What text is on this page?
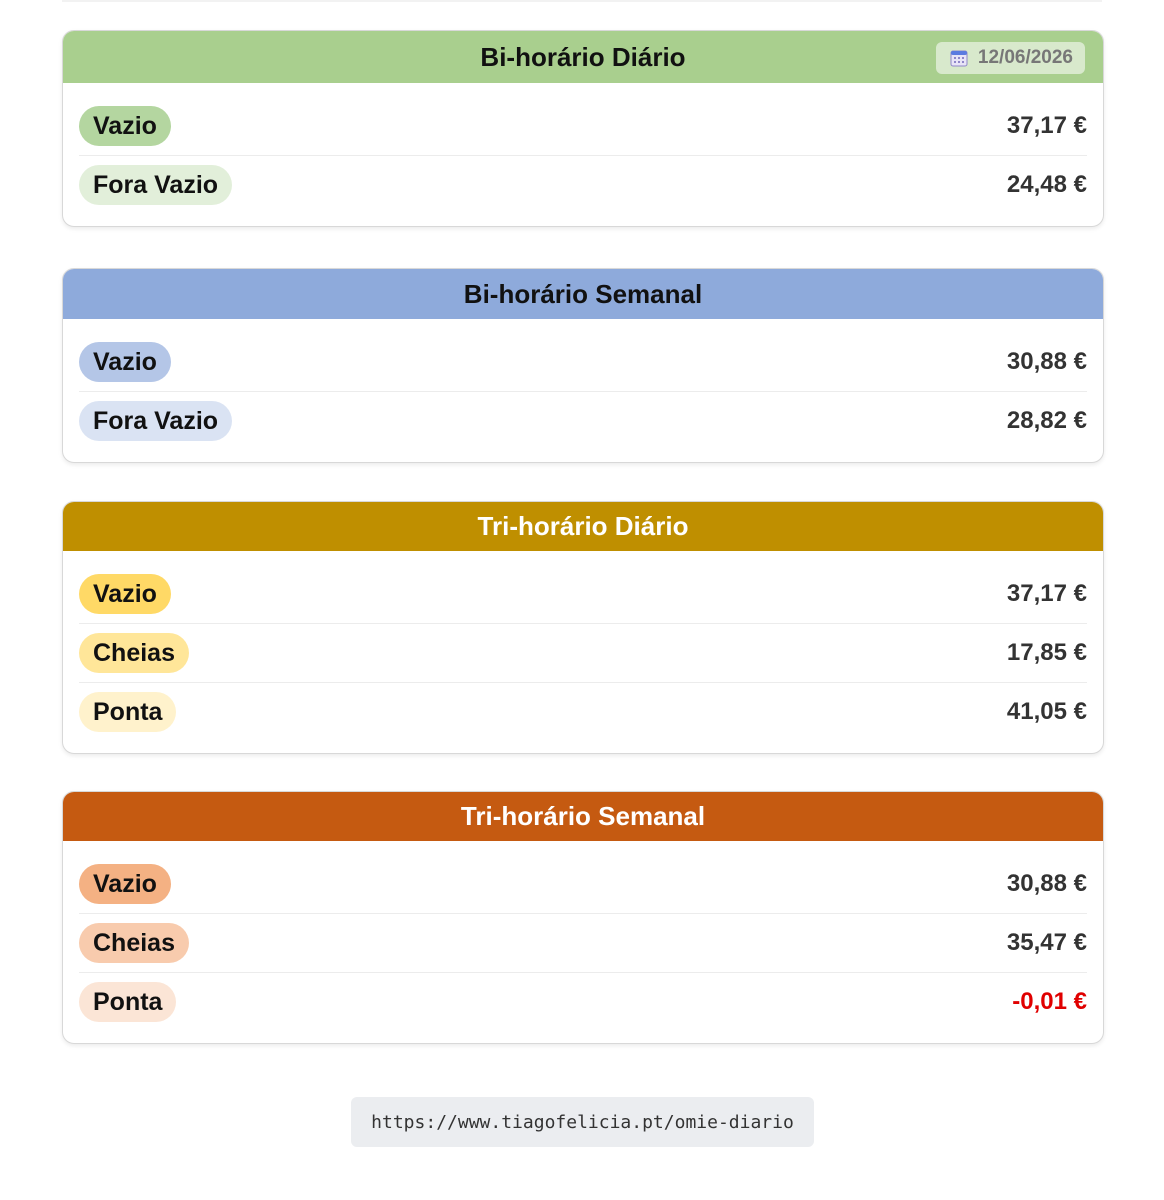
Bi-horário Diário	12/06/2026
Vazio	37,17 €
Fora Vazio	24,48 €
Bi-horário Semanal
Vazio	30,88 €
Fora Vazio	28,82 €
Tri-horário Diário
Vazio	37,17 €
Cheias	17,85 €
Ponta	41,05 €
Tri-horário Semanal
Vazio	30,88 €
Cheias	35,47 €
Ponta	-0,01 €
https://www.tiagofelicia.pt/omie-diario
